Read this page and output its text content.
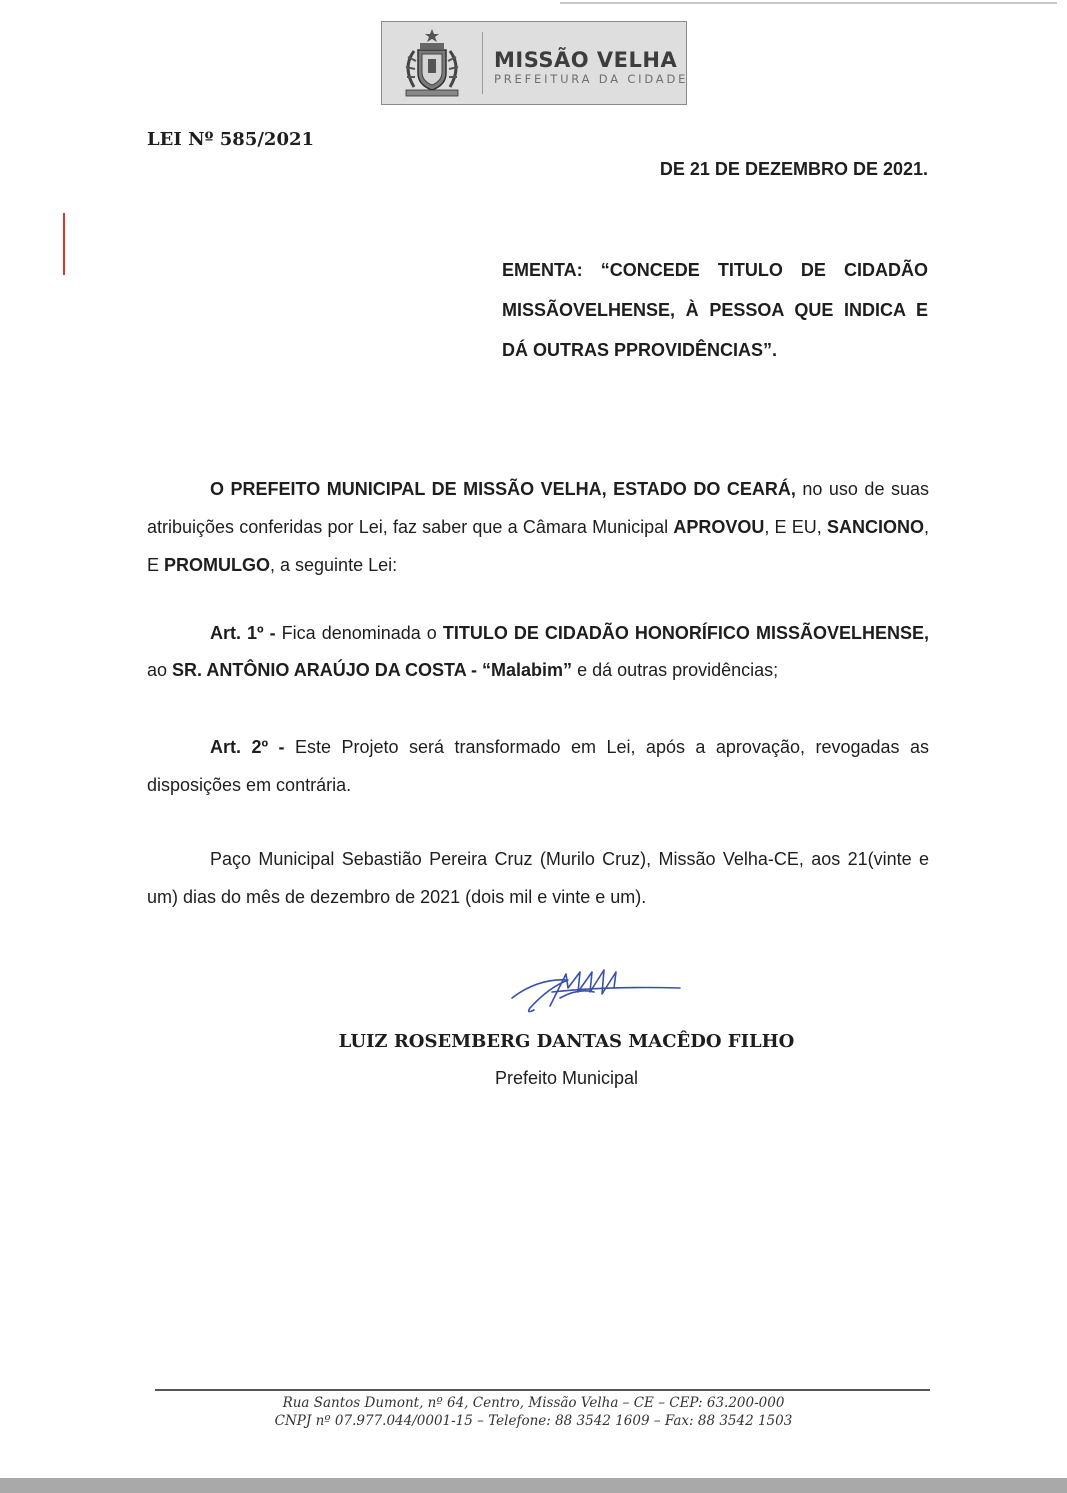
MISSÃO VELHA
PREFEITURA DA CIDADE
LEI Nº 585/2021
DE 21 DE DEZEMBRO DE 2021.
EMENTA: “CONCEDE TITULO DE CIDADÃO MISSÃOVELHENSE, À PESSOA QUE INDICA E DÁ OUTRAS PPROVIDÊNCIAS”.
O PREFEITO MUNICIPAL DE MISSÃO VELHA, ESTADO DO CEARÁ, no uso de suas atribuições conferidas por Lei, faz saber que a Câmara Municipal APROVOU, E EU, SANCIONO, E PROMULGO, a seguinte Lei:
Art. 1º - Fica denominada o TITULO DE CIDADÃO HONORÍFICO MISSÃOVELHENSE, ao SR. ANTÔNIO ARAÚJO DA COSTA - “Malabim” e dá outras providências;
Art. 2º - Este Projeto será transformado em Lei, após a aprovação, revogadas as disposições em contrária.
Paço Municipal Sebastião Pereira Cruz (Murilo Cruz), Missão Velha-CE, aos 21(vinte e um) dias do mês de dezembro de 2021 (dois mil e vinte e um).
LUIZ ROSEMBERG DANTAS MACÊDO FILHO
Prefeito Municipal
Rua Santos Dumont, nº 64, Centro, Missão Velha – CE – CEP: 63.200-000
CNPJ nº 07.977.044/0001-15 – Telefone: 88 3542 1609 – Fax: 88 3542 1503
